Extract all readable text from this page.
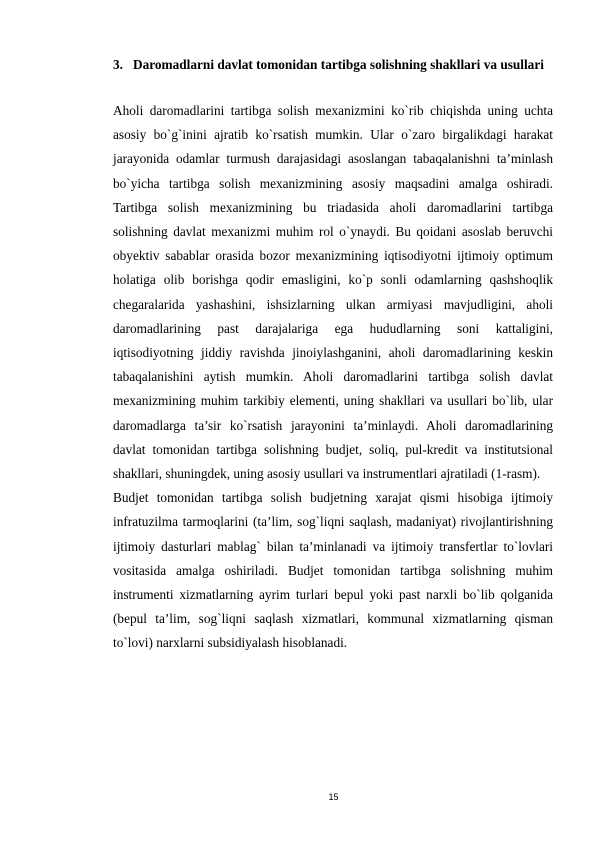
3. Daromadlarni davlat tomonidan tartibga solishning shakllari va usullari

Aholi daromadlarini tartibga solish mexanizmini ko`rib chiqishda uning uchta asosiy bo`g`inini ajratib ko`rsatish mumkin. Ular o`zaro birgalikdagi harakat jarayonida odamlar turmush darajasidagi asoslangan tabaqalanishni ta’minlash bo`yicha tartibga solish mexanizmining asosiy maqsadini amalga oshiradi. Tartibga solish mexanizmining bu triadasida aholi daromadlarini tartibga solishning davlat mexanizmi muhim rol o`ynaydi. Bu qoidani asoslab beruvchi obyektiv sabablar orasida bozor mexanizmining iqtisodiyotni ijtimoiy optimum holatiga olib borishga qodir emasligini, ko`p sonli odamlarning qashshoqlik chegaralarida yashashini, ishsizlarning ulkan armiyasi mavjudligini, aholi daromadlarining past darajalariga ega hududlarning soni kattaligini, iqtisodiyotning jiddiy ravishda jinoiylashganini, aholi daromadlarining keskin tabaqalanishini aytish mumkin. Aholi daromadlarini tartibga solish davlat mexanizmining muhim tarkibiy elementi, uning shakllari va usullari bo`lib, ular daromadlarga ta’sir ko`rsatish jarayonini ta’minlaydi. Aholi daromadlarining davlat tomonidan tartibga solishning budjet, soliq, pul-kredit va institutsional shakllari, shuningdek, uning asosiy usullari va instrumentlari ajratiladi (1-rasm).

Budjet tomonidan tartibga solish budjetning xarajat qismi hisobiga ijtimoiy infratuzilma tarmoqlarini (ta’lim, sog`liqni saqlash, madaniyat) rivojlantirishning ijtimoiy dasturlari mablag` bilan ta’minlanadi va ijtimoiy transfertlar to`lovlari vositasida amalga oshiriladi. Budjet tomonidan tartibga solishning muhim instrumenti xizmatlarning ayrim turlari bepul yoki past narxli bo`lib qolganida (bepul ta’lim, sog`liqni saqlash xizmatlari, kommunal xizmatlarning qisman to`lovi) narxlarni subsidiyalash hisoblanadi.

15
